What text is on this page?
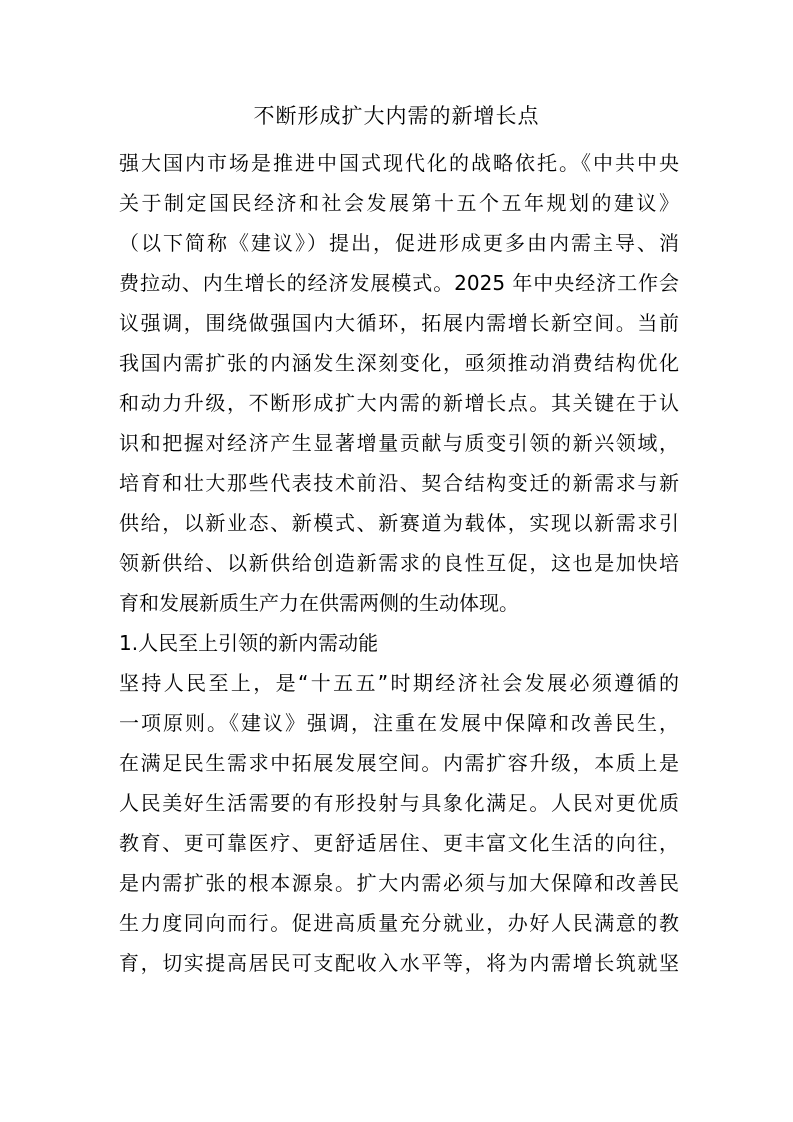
不断形成扩大内需的新增长点
强大国内市场是推进中国式现代化的战略依托。《中共中央
关于制定国民经济和社会发展第十五个五年规划的建议》
（以下简称《建议》）提出，促进形成更多由内需主导、消
费拉动、内生增长的经济发展模式。2025 年中央经济工作会
议强调，围绕做强国内大循环，拓展内需增长新空间。当前
我国内需扩张的内涵发生深刻变化，亟须推动消费结构优化
和动力升级，不断形成扩大内需的新增长点。其关键在于认
识和把握对经济产生显著增量贡献与质变引领的新兴领域，
培育和壮大那些代表技术前沿、契合结构变迁的新需求与新
供给，以新业态、新模式、新赛道为载体，实现以新需求引
领新供给、以新供给创造新需求的良性互促，这也是加快培
育和发展新质生产力在供需两侧的生动体现。
1.人民至上引领的新内需动能
坚持人民至上，是“十五五”时期经济社会发展必须遵循的
一项原则。《建议》强调，注重在发展中保障和改善民生，
在满足民生需求中拓展发展空间。内需扩容升级，本质上是
人民美好生活需要的有形投射与具象化满足。人民对更优质
教育、更可靠医疗、更舒适居住、更丰富文化生活的向往，
是内需扩张的根本源泉。扩大内需必须与加大保障和改善民
生力度同向而行。促进高质量充分就业，办好人民满意的教
育，切实提高居民可支配收入水平等，将为内需增长筑就坚
